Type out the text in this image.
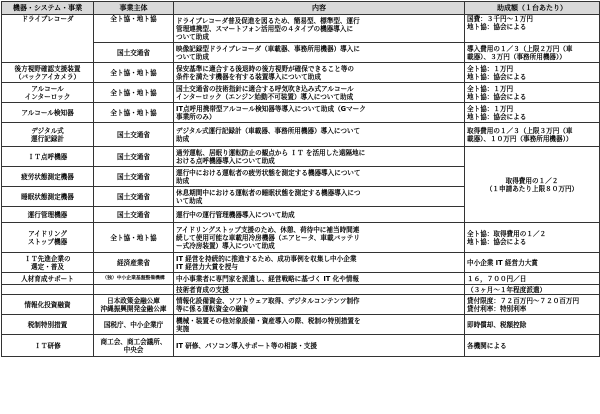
機器・システム・事業	事業主体	内容	助成額（１台あたり）

ドライブレコーダ	全ト協・地ト協	ドライブレコーダ普及促進を図るため、簡易型、標準型、運行
管理連携型、スマートフォン活用型の４タイプの機器導入に
ついて助成	国費：３千円～１万円
地ト協：協会による

	国土交通省	映像記録型ドライブレコーダ（車載器、事務所用機器）導入に
ついて助成	導入費用の１／３（上限２万円（車
載器）、３万円（事務所用機器））

後方視野確認支援装置
（バックアイカメラ）	全ト協・地ト協	保安基準に適合する後退時の後方視野が確保できること等の
条件を満たす機器を有する装置導入について助成	全ト協：１万円
地ト協：協会による

アルコール
インターロック	全ト協・地ト協	国土交通省の技術指針に適合する呼気吹き込み式アルコール
インターロック（エンジン始動不可装置）導入について助成	全ト協：１万円
地ト協：協会による

アルコール検知器	全ト協・地ト協	IT点呼用携帯型アルコール検知器等導入について助成（Gマーク
事業所のみ）	全ト協：１万円
地ト協：協会による

デジタル式
運行記録計	国土交通省	デジタル式運行記録計（車載器、事務所用機器）導入について
助成	取得費用の１／３（上限３万円（車
載器）、１０万円（事務所用機器））

ＩＴ点呼機器	国土交通省	過労運転、居眠り運転防止の観点から ＩＴ を活用した遠隔地に
おける点呼機器導入について助成	取得費用の１／２
（１申請あたり上限８０万円）

疲労状態測定機器	国土交通省	運行中における運転者の疲労状態を測定する機器導入について
助成	

睡眠状態測定機器	国土交通省	休息期間中における運転者の睡眠状態を測定する機器導入につ
いて助成	

運行管理機器	国土交通省	運行中の運行管理機器導入について助成	

アイドリング
ストップ機器	全ト協・地ト協	アイドリングストップ支援のため、休憩、荷待中に補当時間連
続して使用可能な車載用冷房機器（エアヒータ、車載バッテリ
ー式冷房装置）導入について助成	全ト協：取得費用の１／２
地ト協：協会による

ＩＴ先進企業の
選定・普及	経済産業省	IT 経営を持続的に推進するため、成功事例を収集し中小企業
IT 経営力大賞を授与	中小企業 IT 経営力大賞

人材育成サポート	（独）中小企業基盤整備機構	中小事業者に専門家を派遣し、経営戦略に基づく IT 化や情報	１６，７００円／日

		技術者育成の支援	（３ヶ月～１年程度派遣）

情報化投資融資	日本政策金融公庫
沖縄振興開発金融公庫	情報化設備資金、ソフトウェア取得、デジタルコンテンツ制作
等に係る運転資金の融資	貸付限度：７２百万円～７２０百万円
貸付利率：特別利率

税制特別措置	国税庁、中小企業庁	機械・装置その他対象設備・資産導入の際、税制の特別措置を
実施	即時償却、税額控除

ＩＴ研修	商工会、商工会議所、
中央会	IT 研修、パソコン導入サポート等の相談・支援	各機関による
